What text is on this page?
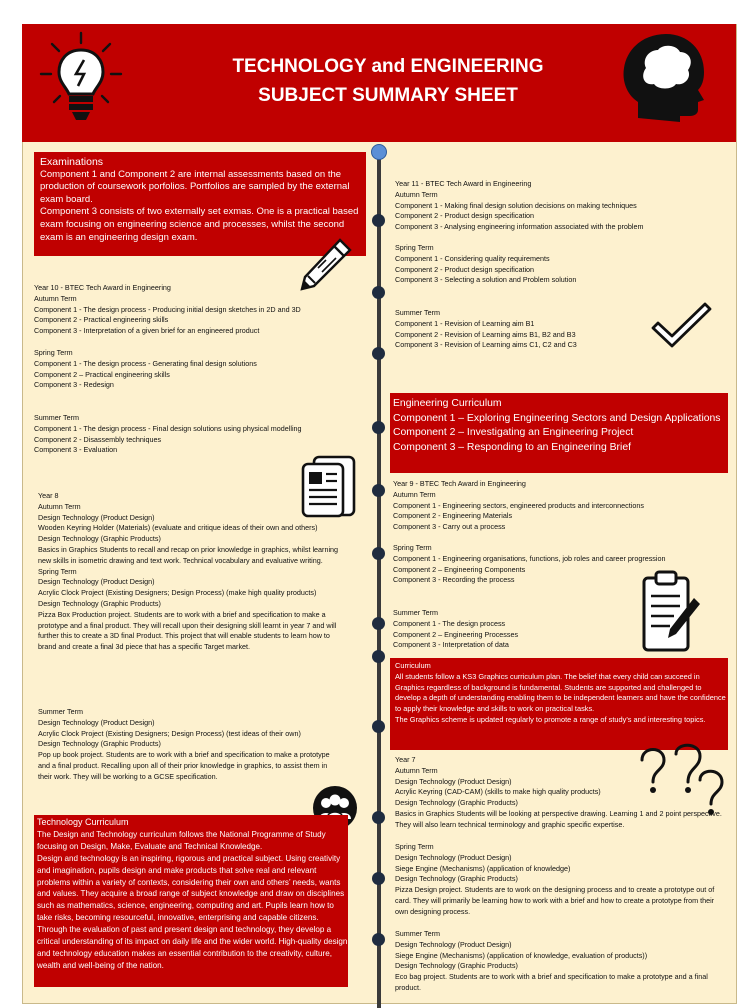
TECHNOLOGY and ENGINEERING
SUBJECT SUMMARY SHEET
Examinations
Component 1 and Component 2 are internal assessments based on the production of coursework porfolios. Portfolios are sampled by the external exam board.
Component 3 consists of two externally set exmas. One is a practical based exam focusing on engineering science and processes, whilst the second exam is an engineering design exam.
Year 10 - BTEC Tech Award in Engineering
Autumn Term
Component 1 - The design process - Producing initial design sketches in 2D and 3D
Component 2 - Practical engineering skills
Component 3 - Interpretation of a given brief for an engineered product
Spring Term
Component 1 - The design process - Generating final design solutions
Component 2 – Practical engineering skills
Component 3 - Redesign
Summer Term
Component 1 - The design process - Final design solutions using physical modelling
Component 2 - Disassembly techniques
Component 3 - Evaluation
Year 8
Autumn Term
Design Technology (Product Design)
Wooden Keyring Holder (Materials) (evaluate and critique ideas of their own and others)
Design Technology (Graphic Products)
Basics in Graphics Students to recall and recap on prior knowledge in graphics, whilst learning new skills in isometric drawing and text work. Technical vocabulary and evaluative writing.
Spring Term
Design Technology (Product Design)
Acrylic Clock Project (Existing Designers; Design Process) (make high quality products)
Design Technology (Graphic Products)
Pizza Box Production project. Students are to work with a brief and specification to make a prototype and a final product. They will recall upon their designing skill learnt in year 7 and will further this to create a 3D final Product. This project that will enable students to learn how to brand and create a final 3d piece that has a specific Target market.
Summer Term
Design Technology (Product Design)
Acrylic Clock Project (Existing Designers; Design Process) (test ideas of their own)
Design Technology (Graphic Products)
Pop up book project. Students are to work with a brief and specification to make a prototype and a final product. Recalling upon all of their prior knowledge in graphics, to assist them in their work. They will be working to a GCSE specification.
Technology Curriculum
The Design and Technology curriculum follows the National Programme of Study focusing on Design, Make, Evaluate and Technical Knowledge.
Design and technology is an inspiring, rigorous and practical subject. Using creativity and imagination, pupils design and make products that solve real and relevant problems within a variety of contexts, considering their own and others’ needs, wants and values. They acquire a broad range of subject knowledge and draw on disciplines such as mathematics, science, engineering, computing and art. Pupils learn how to take risks, becoming resourceful, innovative, enterprising and capable citizens. Through the evaluation of past and present design and technology, they develop a critical understanding of its impact on daily life and the wider world. High-quality design and technology education makes an essential contribution to the creativity, culture, wealth and well-being of the nation.
Year 11 - BTEC Tech Award in Engineering
Autumn Term
Component 1 - Making final design solution decisions on making techniques
Component 2 - Product design specification
Component 3 - Analysing engineering information associated with the problem
Spring Term
Component 1 - Considering quality requirements
Component 2 - Product design specification
Component 3 - Selecting a solution and Problem solution
Summer Term
Component 1 - Revision of Learning aim B1
Component 2 - Revision of Learning aims B1, B2 and B3
Component 3 - Revision of Learning aims C1, C2 and C3
Engineering Curriculum
Component 1 – Exploring Engineering Sectors and Design Applications
Component 2 – Investigating an Engineering Project
Component 3 – Responding to an Engineering Brief
Year 9 - BTEC Tech Award in Engineering
Autumn Term
Component 1 - Engineering sectors, engineered products and interconnections
Component 2 - Engineering Materials
Component 3 - Carry out a process
Spring Term
Component 1 - Engineering organisations, functions, job roles and career progression
Component 2 – Engineering Components
Component 3 - Recording the process
Summer Term
Component 1 - The design process
Component 2 – Engineering Processes
Component 3 - Interpretation of data
Curriculum
All students follow a KS3 Graphics curriculum plan. The belief that every child can succeed in Graphics regardless of background is fundamental. Students are supported and challenged to develop a depth of understanding enabling them to be independent learners and have the confidence to apply their knowledge and skills to work on practical tasks.
The Graphics scheme is updated regularly to promote a range of study’s and interesting topics.
Year 7
Autumn Term
Design Technology (Product Design)
Acrylic Keyring (CAD-CAM) (skills to make high quality products)
Design Technology (Graphic Products)
Basics in Graphics Students will be looking at perspective drawing. Learning 1 and 2 point perspective. They will also learn technical terminology and graphic specific expertise.
Spring Term
Design Technology (Product Design)
Siege Engine (Mechanisms) (application of knowledge)
Design Technology (Graphic Products)
Pizza Design project. Students are to work on the designing process and to create a prototype out of card. They will primarily be learning how to work with a brief and how to create a prototype from their own designing process.
Summer Term
Design Technology (Product Design)
Siege Engine (Mechanisms) (application of knowledge, evaluation of products))
Design Technology (Graphic Products)
Eco bag project. Students are to work with a brief and specification to make a prototype and a final product.
